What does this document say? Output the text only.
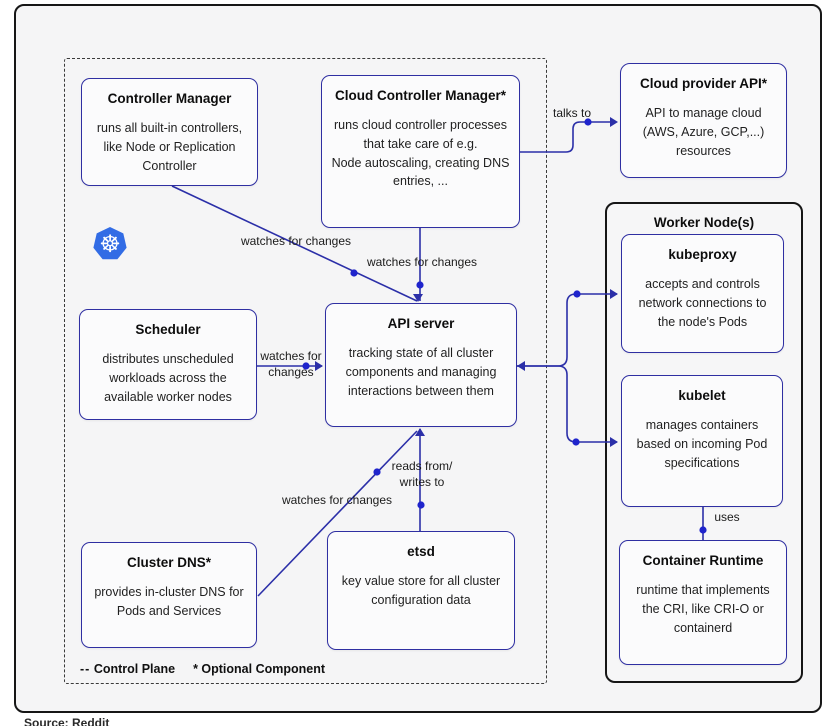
☸
Controller Manager

runs all built-in controllers, like Node or Replication Controller

Cloud Controller Manager*

runs cloud controller processes that take care of e.g.

Node autoscaling, creating DNS entries, ...

Scheduler

distributes unscheduled workloads across the available worker nodes

API server

tracking state of all cluster components and managing interactions between them

Cluster DNS*

provides in-cluster DNS for Pods and Services

etsd

key value store for all cluster configuration data

Cloud provider API*

API to manage cloud (AWS, Azure, GCP,...) resources

Worker Node(s)
kubeproxy

accepts and controls network connections to the node's Pods

kubelet

manages containers based on incoming Pod specifications

Container Runtime

runtime that implements the CRI, like CRI-O or containerd

watches for changes
watches for changes
talks to
watches for
changes
reads from/
writes to
watches for changes
uses
-- Control Plane * Optional Component
Source: Reddit
